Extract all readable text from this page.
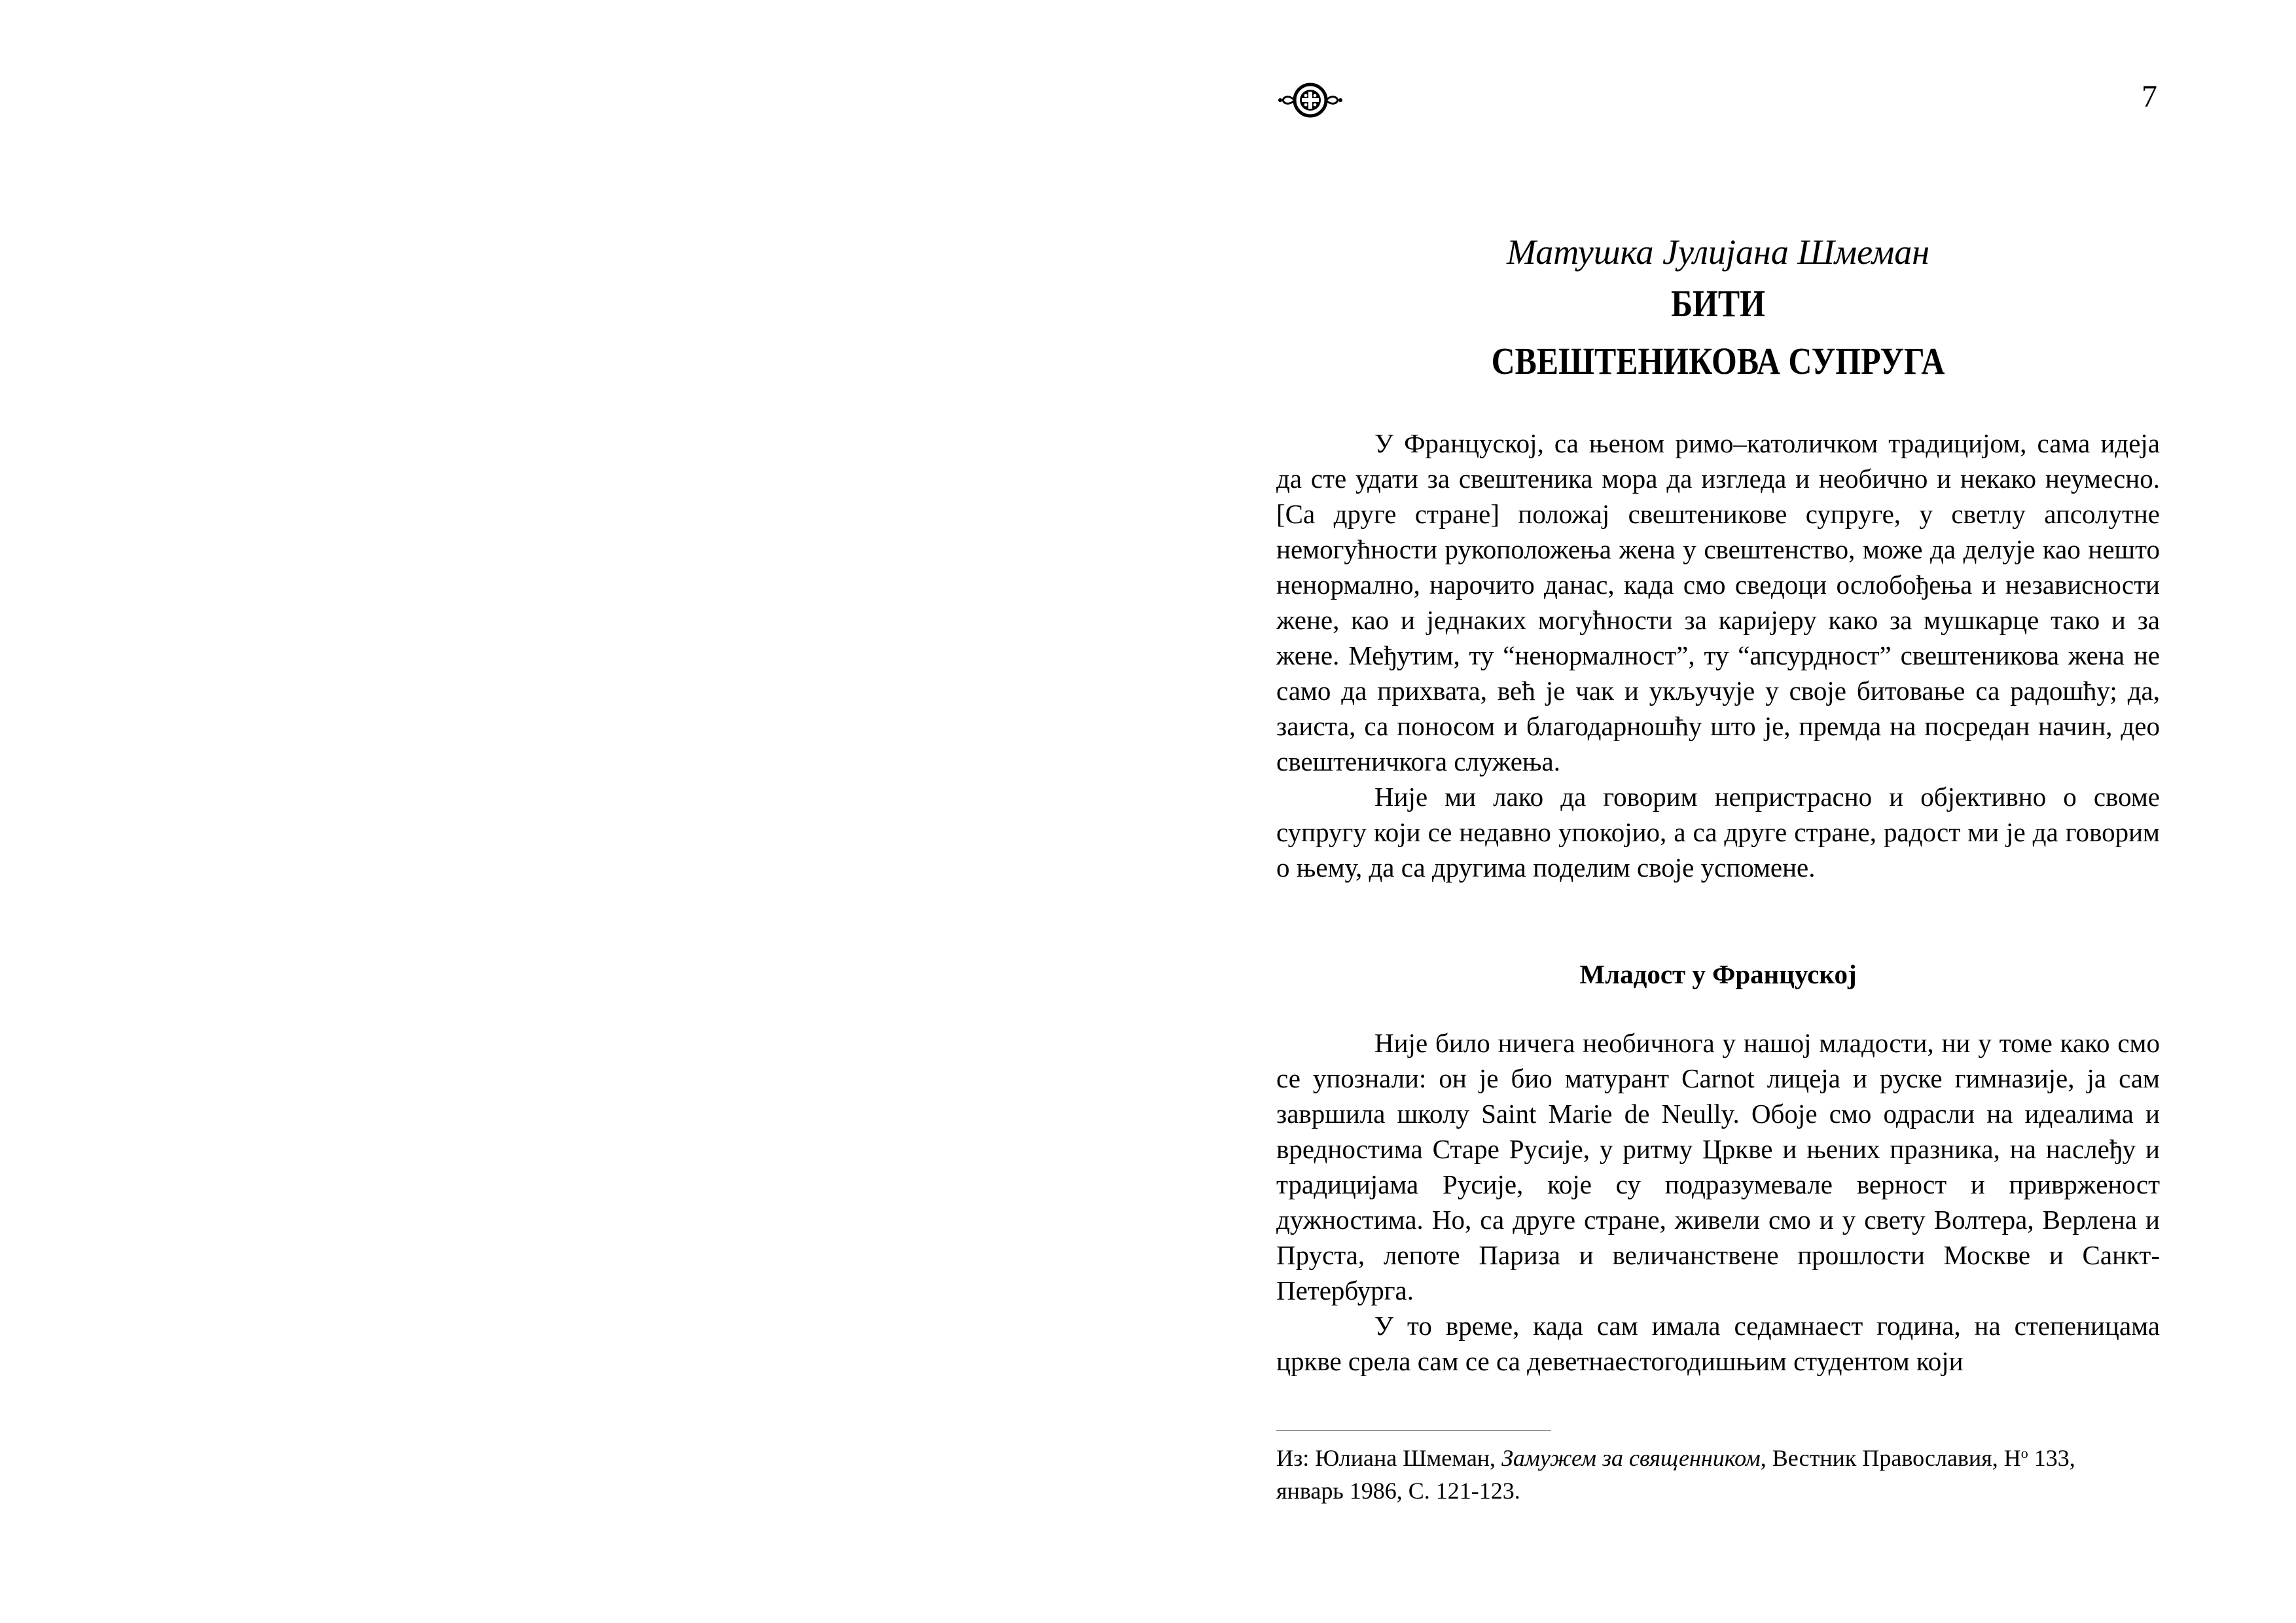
7
Матушка Јулијана Шмеман
БИТИ
СВЕШТЕНИКОВА СУПРУГА

У Француској, са њеном римо–католичком традицијом, сама идеја да сте удати за свештеника мора да изгледа и необично и некако неумесно. [Са друге стране] положај свештеникове супруге, у светлу апсолутне немогућности рукоположења жена у свештенство, може да делује као нешто ненормално, нарочито данас, када смо сведоци ослобођења и независности жене, као и једнаких могућности за каријеру како за мушкарце тако и за жене. Међутим, ту “ненормалност”, ту “апсурдност” свештеникова жена не само да прихвата, већ је чак и укључује у своје битовање са радошћу; да, заиста, са поносом и благодарношћу што је, премда на посредан начин, део свештеничкога служења.

Није ми лако да говорим непристрасно и објективно о своме супругу који се недавно упокојио, а са друге стране, радост ми је да говорим о њему, да са другима поделим своје успомене.

Младост у Француској

Није било ничега необичнога у нашој младости, ни у томе како смо се упознали: он је био матурант Carnot лицеја и руске гимназије, ја сам завршила школу Saint Marie de Neully. Обоје смо одрасли на идеалима и вредностима Старе Русије, у ритму Цркве и њених празника, на наслеђу и традицијама Русије, које су подразумевале верност и привржeност дужностима. Но, са друге стране, живели смо и у свету Волтера, Верлена и Пруста, лепоте Париза и величанствене прошлости Москве и Санкт-Петербурга.

У то време, када сам имала седамнаест година, на степеницама цркве срела сам се са деветнаестогодишњим студентом који

Из: Юлиана Шмеман, Замужем за священником, Вестник Православия, $Н^о$ 133, январь 1986, С. 121-123.
